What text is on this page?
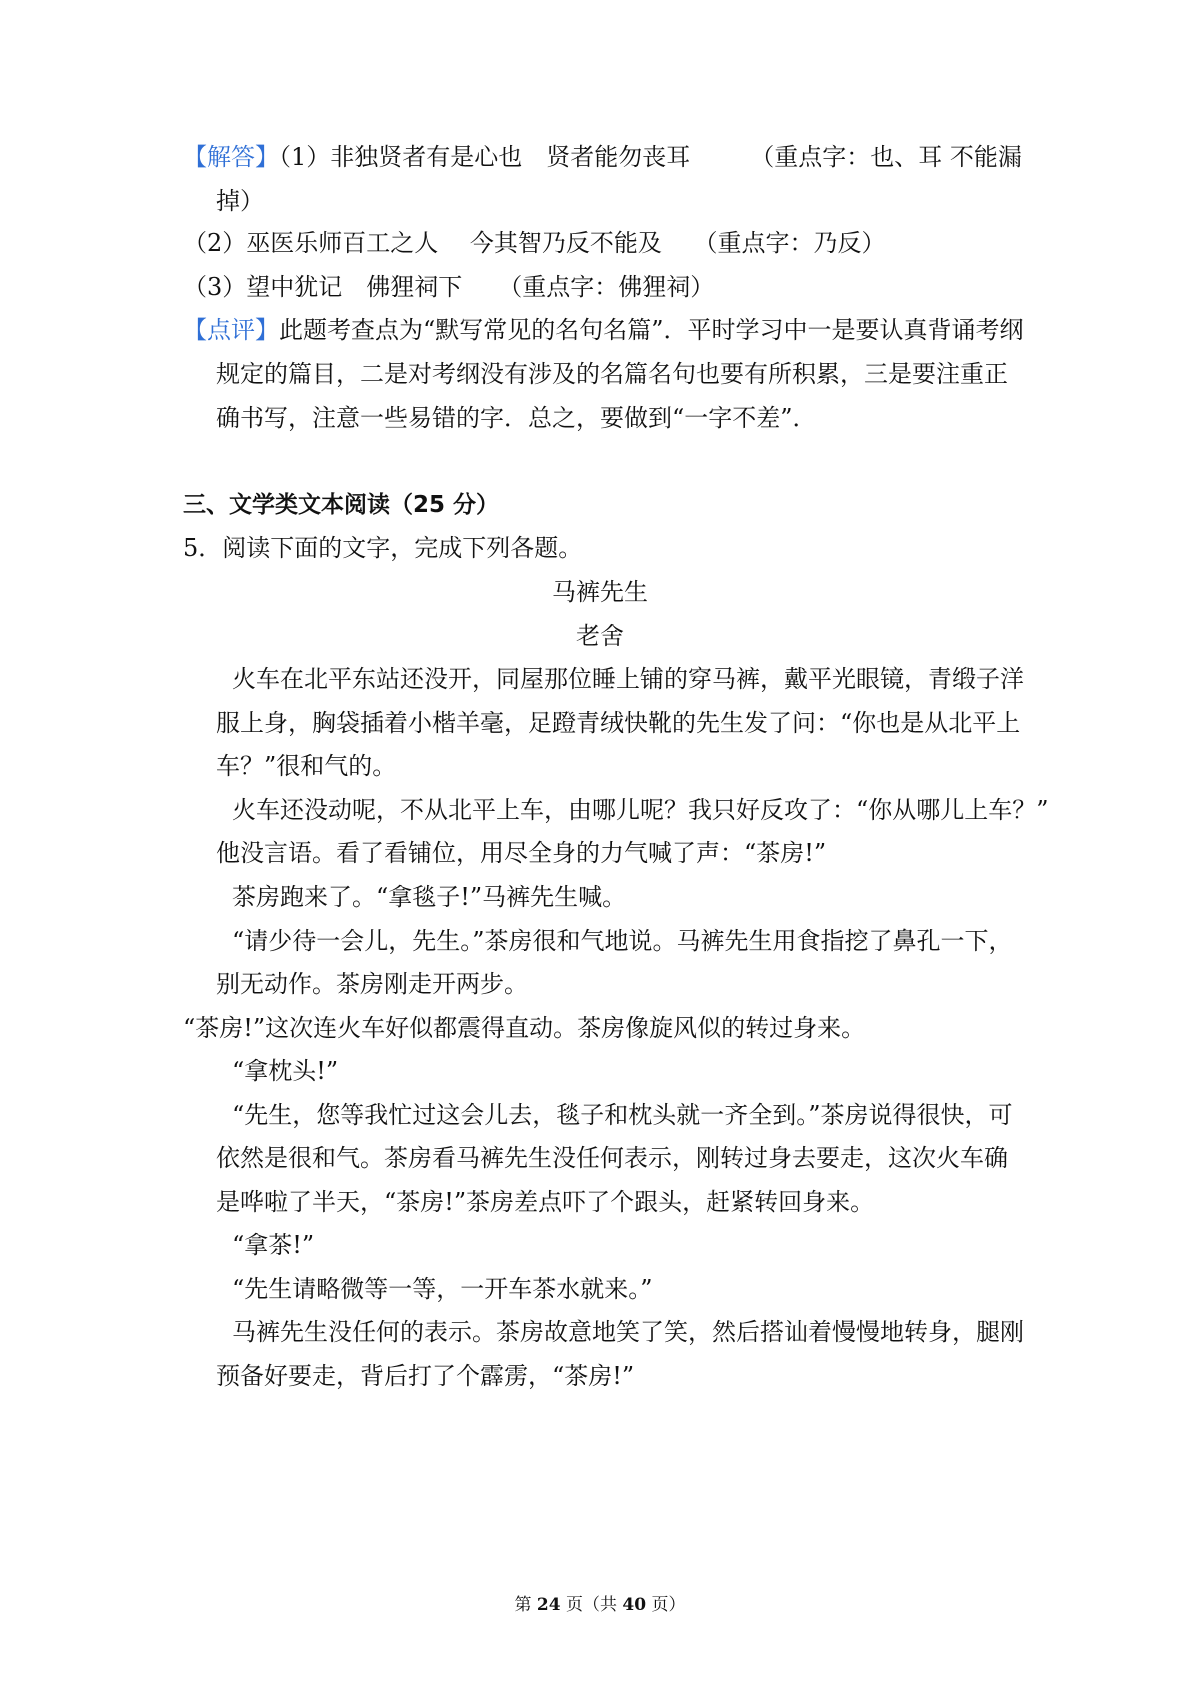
【解答】（1）非独贤者有是心也　贤者能勿丧耳　　　（重点字：也、耳 不能漏
掉）
（2）巫医乐师百工之人　 今其智乃反不能及　 （重点字：乃反）
（3）望中犹记　佛狸祠下　　（重点字：佛狸祠）
【点评】此题考查点为“默写常见的名句名篇”．平时学习中一是要认真背诵考纲
规定的篇目，二是对考纲没有涉及的名篇名句也要有所积累，三是要注重正
确书写，注意一些易错的字．总之，要做到“一字不差”．
三、文学类文本阅读（25 分）
5．阅读下面的文字，完成下列各题。
马裤先生
老舍
火车在北平东站还没开，同屋那位睡上铺的穿马裤，戴平光眼镜，青缎子洋
服上身，胸袋插着小楷羊毫，足蹬青绒快靴的先生发了问：“你也是从北平上
车？”很和气的。
火车还没动呢，不从北平上车，由哪儿呢？我只好反攻了：“你从哪儿上车？”
他没言语。看了看铺位，用尽全身的力气喊了声：“茶房!”
茶房跑来了。“拿毯子!”马裤先生喊。
“请少待一会儿，先生。”茶房很和气地说。马裤先生用食指挖了鼻孔一下，
别无动作。茶房刚走开两步。
“茶房!”这次连火车好似都震得直动。茶房像旋风似的转过身来。
“拿枕头!”
“先生，您等我忙过这会儿去，毯子和枕头就一齐全到。”茶房说得很快，可
依然是很和气。茶房看马裤先生没任何表示，刚转过身去要走，这次火车确
是哗啦了半天，“茶房!”茶房差点吓了个跟头，赶紧转回身来。
“拿茶!”
“先生请略微等一等，一开车茶水就来。”
马裤先生没任何的表示。茶房故意地笑了笑，然后搭讪着慢慢地转身，腿刚
预备好要走，背后打了个霹雳，“茶房!”
第 24 页（共 40 页）
